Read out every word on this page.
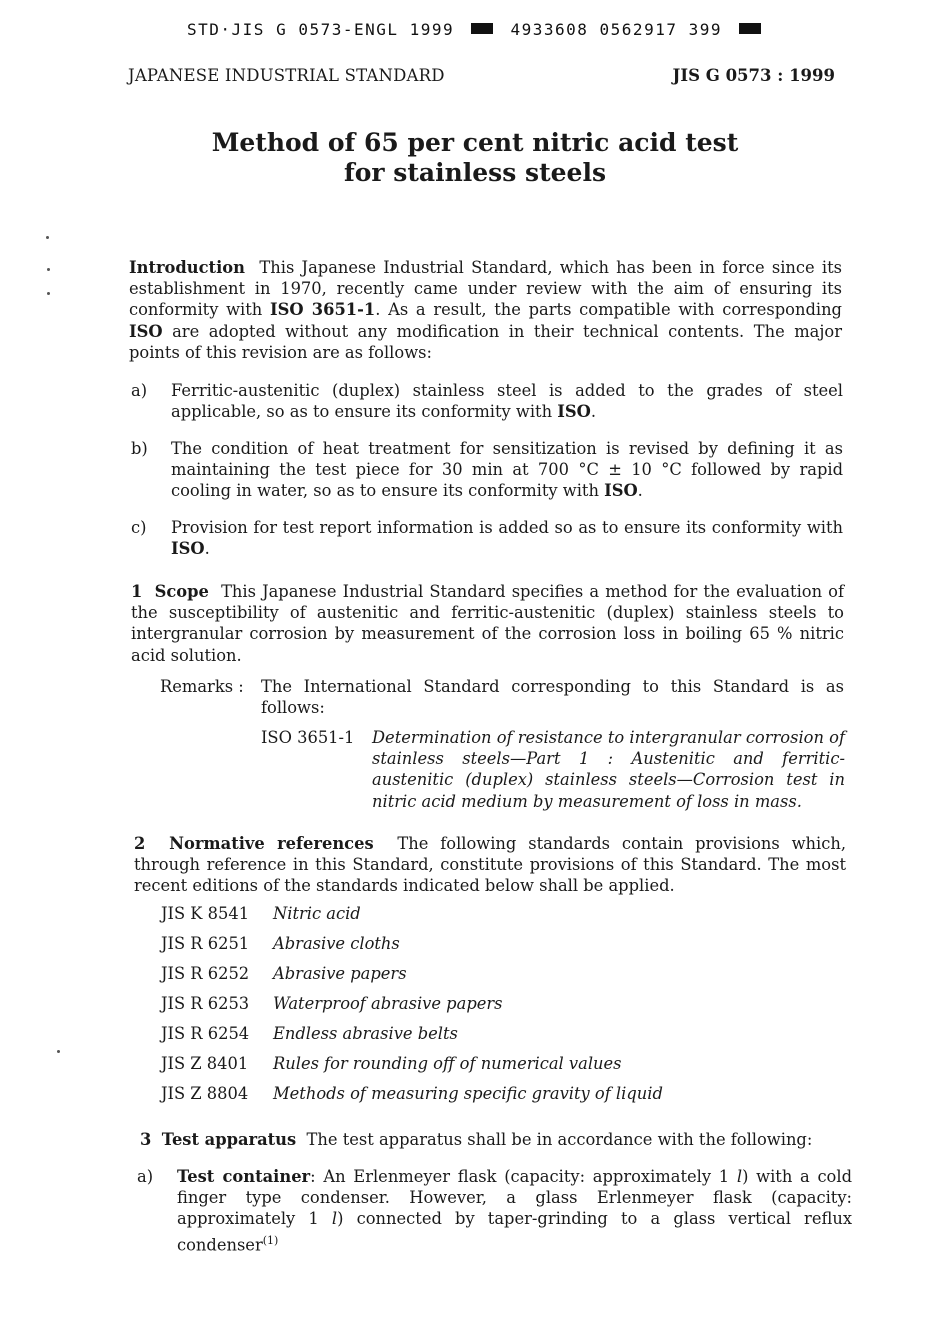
STD·JIS G 0573-ENGL 1999	4933608 0562917 399
JAPANESE INDUSTRIAL STANDARD	JIS G 0573 : 1999
Method of 65 per cent nitric acid test
for stainless steels
Introduction This Japanese Industrial Standard, which has been in force since its establishment in 1970, recently came under review with the aim of ensuring its conformity with ISO 3651-1. As a result, the parts compatible with corresponding ISO are adopted without any modification in their technical contents. The major points of this revision are as follows:
a) Ferritic-austenitic (duplex) stainless steel is added to the grades of steel applicable, so as to ensure its conformity with ISO.
b) The condition of heat treatment for sensitization is revised by defining it as maintaining the test piece for 30 min at 700 °C ± 10 °C followed by rapid cooling in water, so as to ensure its conformity with ISO.
c) Provision for test report information is added so as to ensure its conformity with ISO.
1 Scope This Japanese Industrial Standard specifies a method for the evaluation of the susceptibility of austenitic and ferritic-austenitic (duplex) stainless steels to intergranular corrosion by measurement of the corrosion loss in boiling 65 % nitric acid solution.
Remarks :	The International Standard corresponding to this Standard is as follows:
ISO 3651-1	Determination of resistance to intergranular corrosion of stainless steels—Part 1 : Austenitic and ferritic-austenitic (duplex) stainless steels—Corrosion test in nitric acid medium by measurement of loss in mass.
2 Normative references The following standards contain provisions which, through reference in this Standard, constitute provisions of this Standard. The most recent editions of the standards indicated below shall be applied.
JIS K 8541 Nitric acid
JIS R 6251 Abrasive cloths
JIS R 6252 Abrasive papers
JIS R 6253 Waterproof abrasive papers
JIS R 6254 Endless abrasive belts
JIS Z 8401 Rules for rounding off of numerical values
JIS Z 8804 Methods of measuring specific gravity of liquid
3 Test apparatus The test apparatus shall be in accordance with the following:
a) Test container: An Erlenmeyer flask (capacity: approximately 1 l) with a cold finger type condenser. However, a glass Erlenmeyer flask (capacity: approximately 1 l) connected by taper-grinding to a glass vertical reflux condenser$^{(1)}$
